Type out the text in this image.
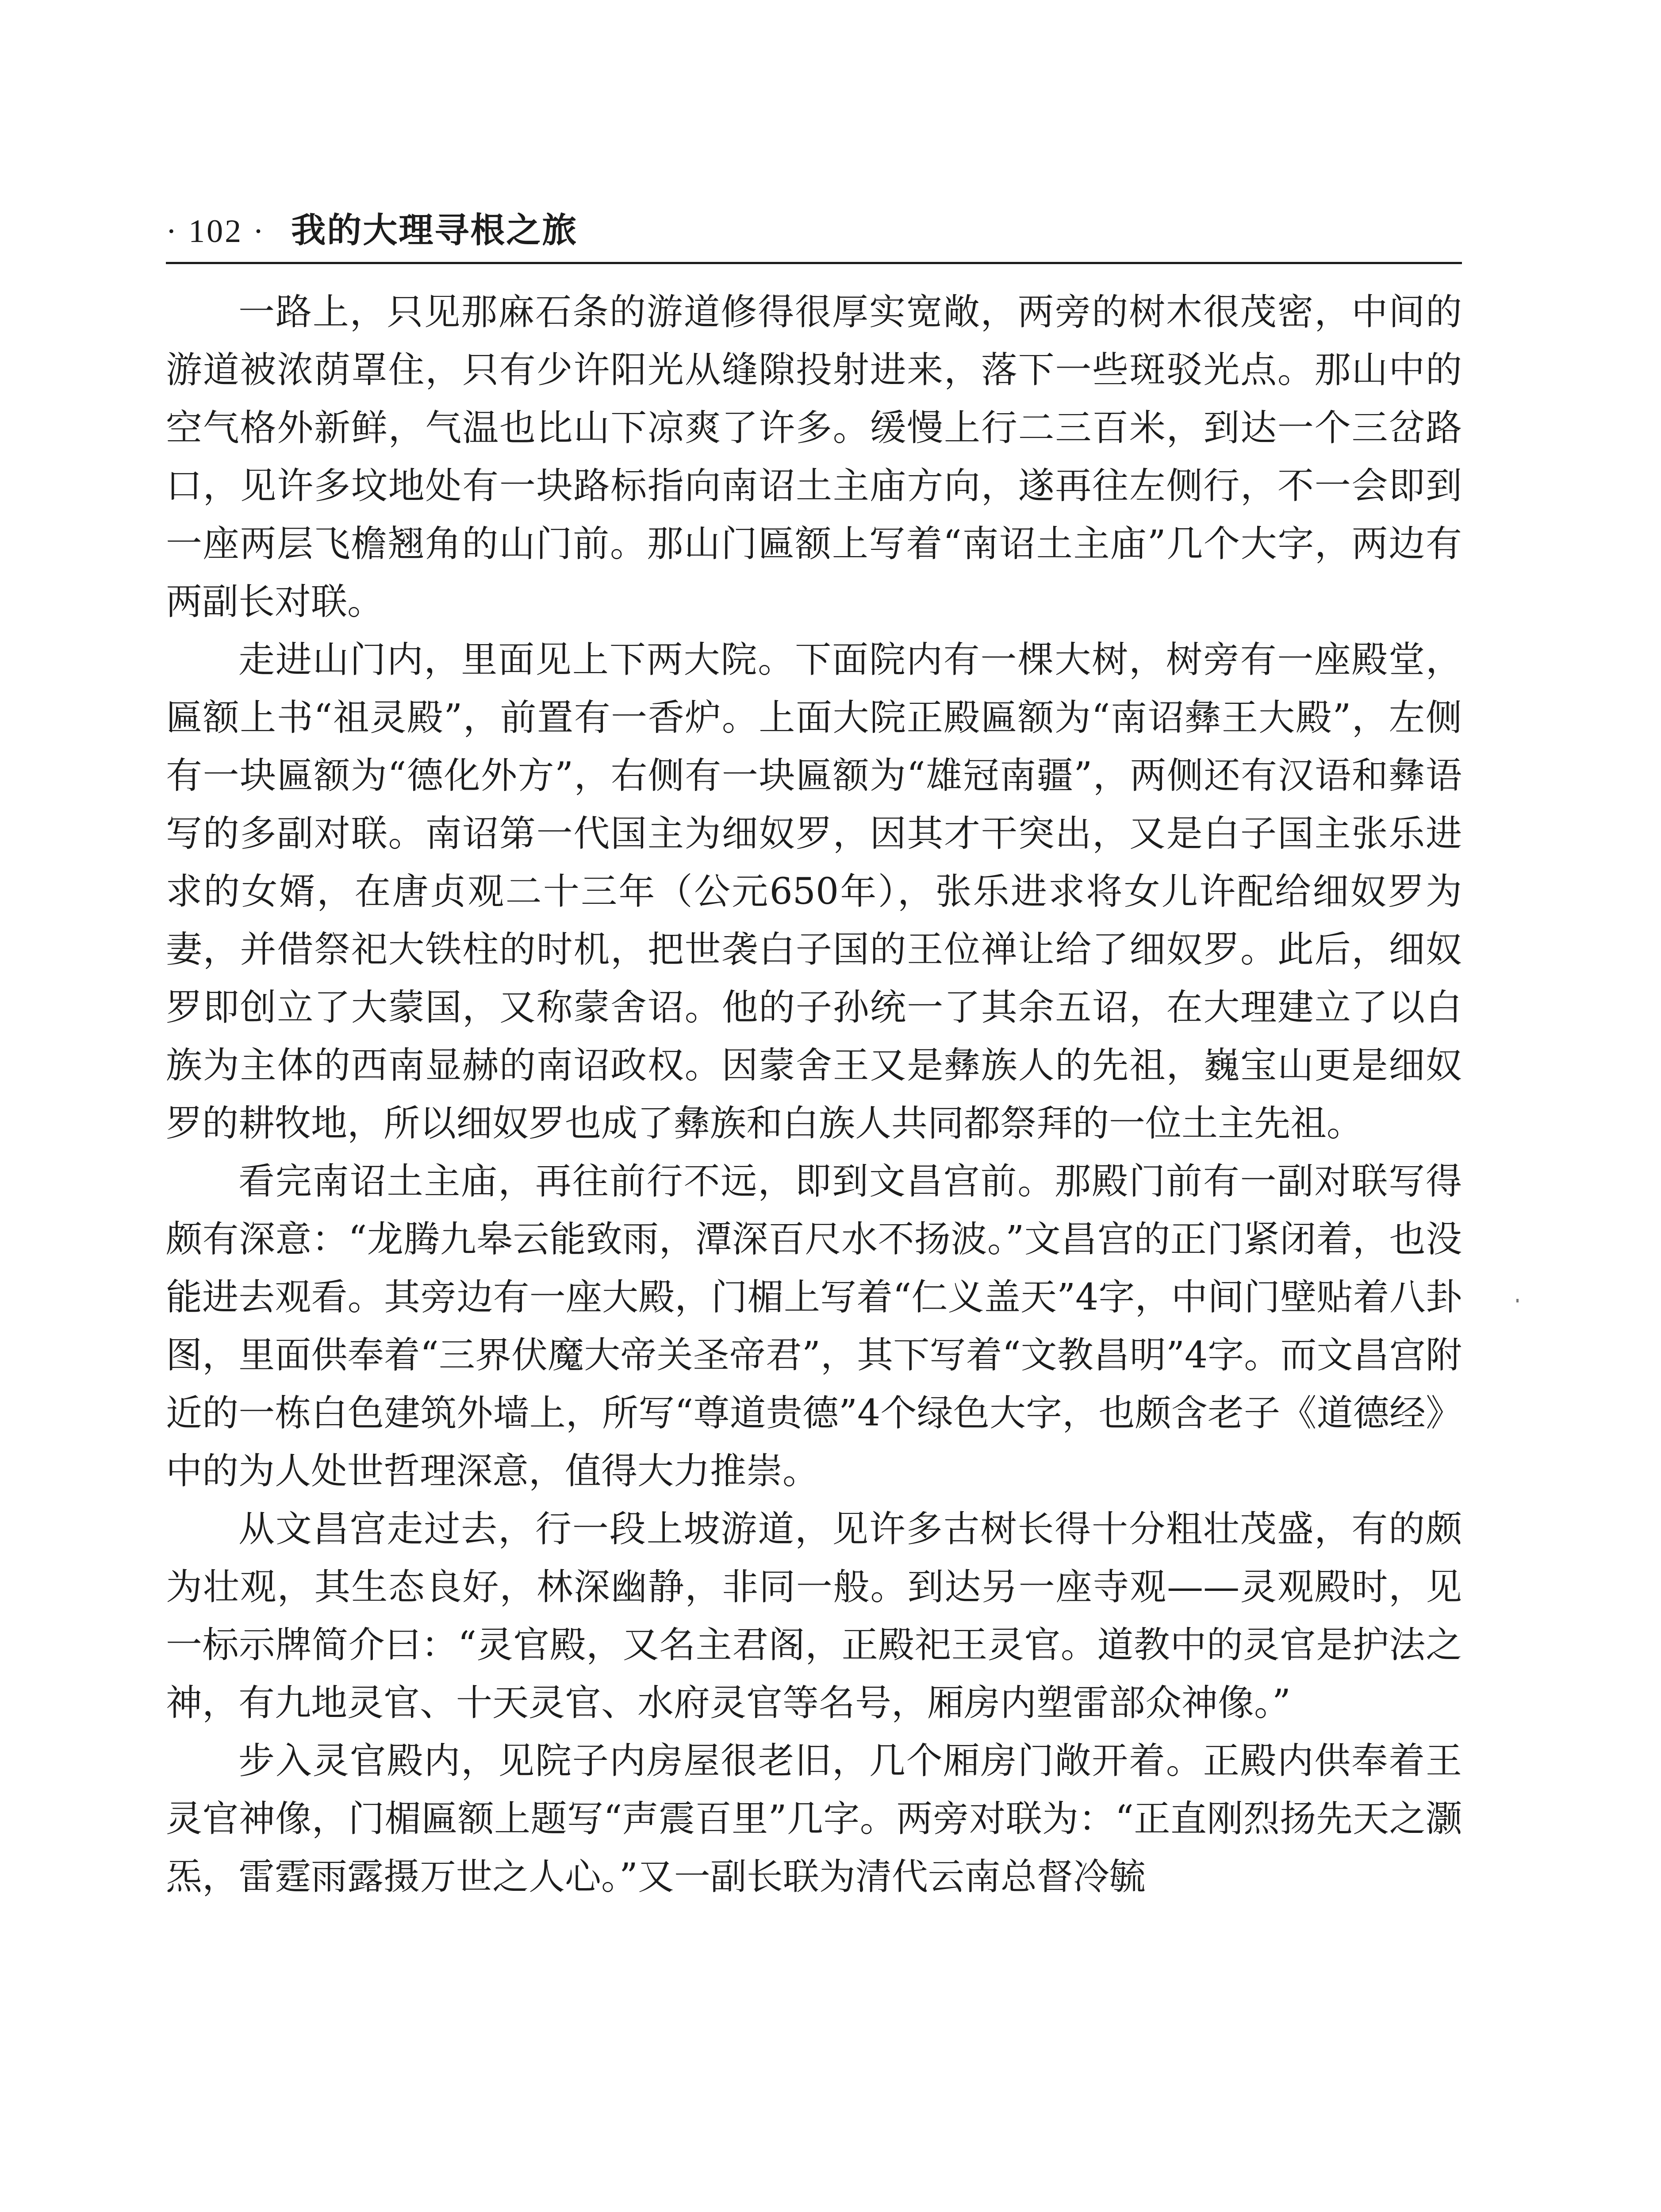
· 102 · 我的大理寻根之旅

一路上，只见那麻石条的游道修得很厚实宽敞，两旁的树木很茂密，中间的游道被浓荫罩住，只有少许阳光从缝隙投射进来，落下一些斑驳光点。那山中的空气格外新鲜，气温也比山下凉爽了许多。缓慢上行二三百米，到达一个三岔路口，见许多坟地处有一块路标指向南诏土主庙方向，遂再往左侧行，不一会即到一座两层飞檐翘角的山门前。那山门匾额上写着“南诏土主庙”几个大字，两边有两副长对联。

走进山门内，里面见上下两大院。下面院内有一棵大树，树旁有一座殿堂，匾额上书“祖灵殿”，前置有一香炉。上面大院正殿匾额为“南诏彝王大殿”，左侧有一块匾额为“德化外方”，右侧有一块匾额为“雄冠南疆”，两侧还有汉语和彝语写的多副对联。南诏第一代国主为细奴罗，因其才干突出，又是白子国主张乐进求的女婿，在唐贞观二十三年（公元650年），张乐进求将女儿许配给细奴罗为妻，并借祭祀大铁柱的时机，把世袭白子国的王位禅让给了细奴罗。此后，细奴罗即创立了大蒙国，又称蒙舍诏。他的子孙统一了其余五诏，在大理建立了以白族为主体的西南显赫的南诏政权。因蒙舍王又是彝族人的先祖，巍宝山更是细奴罗的耕牧地，所以细奴罗也成了彝族和白族人共同都祭拜的一位土主先祖。

看完南诏土主庙，再往前行不远，即到文昌宫前。那殿门前有一副对联写得颇有深意：“龙腾九皋云能致雨，潭深百尺水不扬波。”文昌宫的正门紧闭着，也没能进去观看。其旁边有一座大殿，门楣上写着“仁义盖天”4字，中间门壁贴着八卦图，里面供奉着“三界伏魔大帝关圣帝君”，其下写着“文教昌明”4字。而文昌宫附近的一栋白色建筑外墙上，所写“尊道贵德”4个绿色大字，也颇含老子《道德经》中的为人处世哲理深意，值得大力推崇。

从文昌宫走过去，行一段上坡游道，见许多古树长得十分粗壮茂盛，有的颇为壮观，其生态良好，林深幽静，非同一般。到达另一座寺观——灵观殿时，见一标示牌简介曰：“灵官殿，又名主君阁，正殿祀王灵官。道教中的灵官是护法之神，有九地灵官、十天灵官、水府灵官等名号，厢房内塑雷部众神像。”

步入灵官殿内，见院子内房屋很老旧，几个厢房门敞开着。正殿内供奉着王灵官神像，门楣匾额上题写“声震百里”几字。两旁对联为：“正直刚烈扬先天之灏炁，雷霆雨露摄万世之人心。”又一副长联为清代云南总督冷毓
